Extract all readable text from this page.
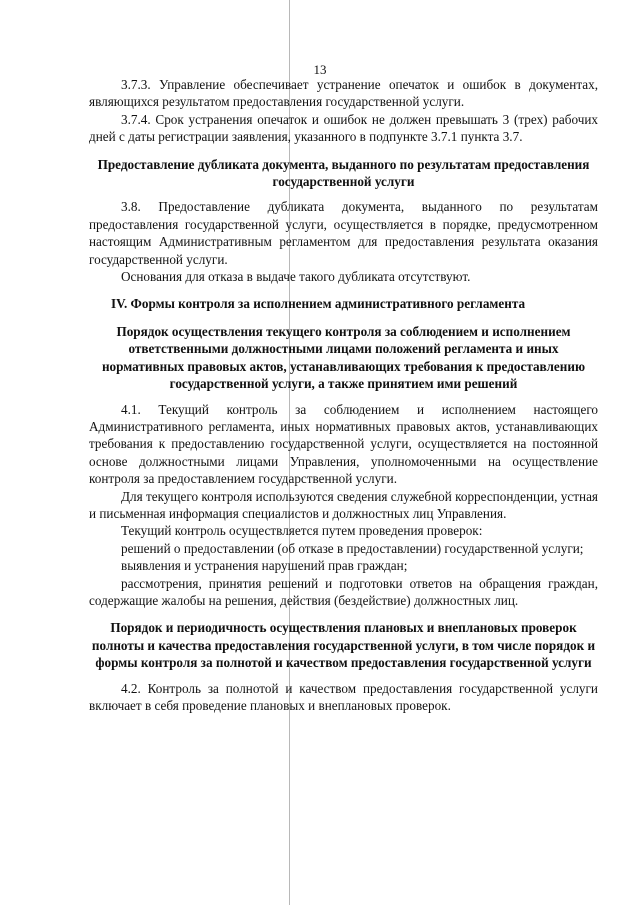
13

3.7.3. Управление обеспечивает устранение опечаток и ошибок в документах, являющихся результатом предоставления государственной услуги.

3.7.4. Срок устранения опечаток и ошибок не должен превышать 3 (трех) рабочих дней с даты регистрации заявления, указанного в подпункте 3.7.1 пункта 3.7.

Предоставление дубликата документа, выданного по результатам предоставления государственной услуги

3.8. Предоставление дубликата документа, выданного по результатам предоставления государственной услуги, осуществляется в порядке, предусмотренном настоящим Административным регламентом для предоставления результата оказания государственной услуги.

Основания для отказа в выдаче такого дубликата отсутствуют.

IV. Формы контроля за исполнением административного регламента
Порядок осуществления текущего контроля за соблюдением и исполнением ответственными должностными лицами положений регламента и иных нормативных правовых актов, устанавливающих требования к предоставлению государственной услуги, а также принятием ими решений

4.1. Текущий контроль за соблюдением и исполнением настоящего Административного регламента, иных нормативных правовых актов, устанавливающих требования к предоставлению государственной услуги, осуществляется на постоянной основе должностными лицами Управления, уполномоченными на осуществление контроля за предоставлением государственной услуги.

Для текущего контроля используются сведения служебной корреспонденции, устная и письменная информация специалистов и должностных лиц Управления.

Текущий контроль осуществляется путем проведения проверок:

решений о предоставлении (об отказе в предоставлении) государственной услуги;

выявления и устранения нарушений прав граждан;

рассмотрения, принятия решений и подготовки ответов на обращения граждан, содержащие жалобы на решения, действия (бездействие) должностных лиц.

Порядок и периодичность осуществления плановых и внеплановых проверок полноты и качества предоставления государственной услуги, в том числе порядок и формы контроля за полнотой и качеством предоставления государственной услуги

4.2. Контроль за полнотой и качеством предоставления государственной услуги включает в себя проведение плановых и внеплановых проверок.
